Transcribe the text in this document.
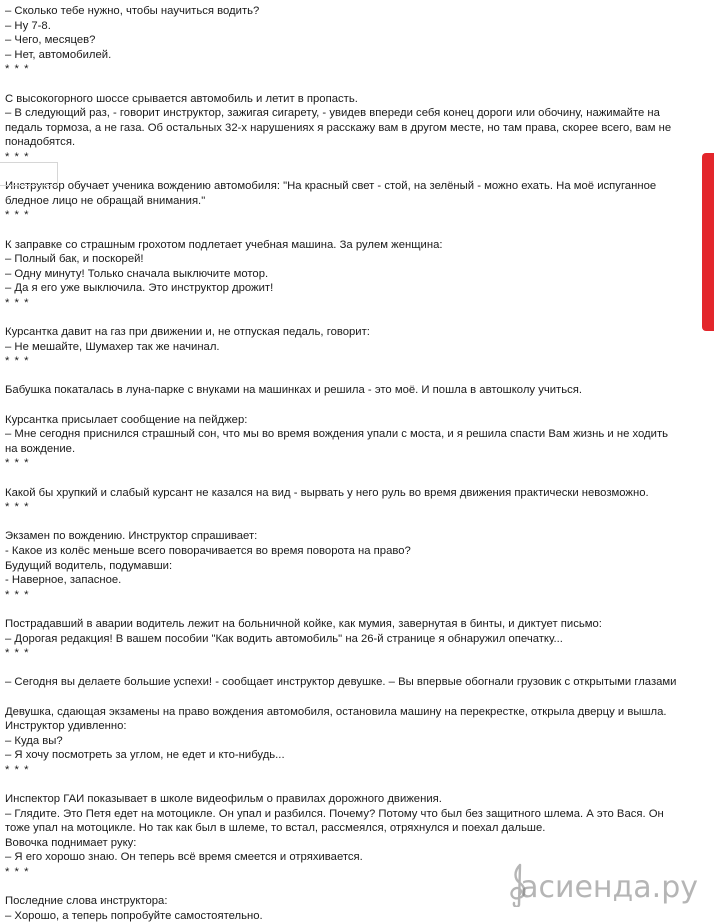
– Сколько тебе нужно, чтобы научиться водить?
– Ну 7-8.
– Чего, месяцев?
– Нет, автомобилей.
* * *
С высокогорного шоссе срывается автомобиль и летит в пропасть.
– В следующий раз, - говорит инструктор, зажигая сигарету, - увидев впереди себя конец дороги или обочину, нажимайте на
педаль тормоза, а не газа. Об остальных 32-х нарушениях я расскажу вам в другом месте, но там права, скорее всего, вам не
понадобятся.
* * *
Инструктор обучает ученика вождению автомобиля: "На красный свет - стой, на зелёный - можно ехать. На моё испуганное
бледное лицо не обращай внимания."
* * *
К заправке со страшным грохотом подлетает учебная машина. За рулем женщина:
– Полный бак, и поскорей!
– Одну минуту! Только сначала выключите мотор.
– Да я его уже выключила. Это инструктор дрожит!
* * *
Курсантка давит на газ при движении и, не отпуская педаль, говорит:
– Не мешайте, Шумахер так же начинал.
* * *
Бабушка покаталась в луна-парке с внуками на машинках и решила - это моё. И пошла в автошколу учиться.
Курсантка присылает сообщение на пейджер:
– Мне сегодня приснился страшный сон, что мы во время вождения упали с моста, и я решила спасти Вам жизнь и не ходить
на вождение.
* * *
Какой бы хрупкий и слабый курсант не казался на вид - вырвать у него руль во время движения практически невозможно.
* * *
Экзамен по вождению. Инструктор спрашивает:
- Какое из колёс меньше всего поворачивается во время поворота на право?
Будущий водитель, подумавши:
- Наверное, запасное.
* * *
Пострадавший в аварии водитель лежит на больничной койке, как мумия, завернутая в бинты, и диктует письмо:
– Дорогая редакция! В вашем пособии "Как водить автомобиль" на 26-й странице я обнаружил опечатку...
* * *
– Сегодня вы делаете большие успехи! - сообщает инструктор девушке. – Вы впервые обогнали грузовик с открытыми глазами
Девушка, сдающая экзамены на право вождения автомобиля, остановила машину на перекрестке, открыла дверцу и вышла.
Инструктор удивленно:
– Куда вы?
– Я хочу посмотреть за углом, не едет и кто-нибудь...
* * *
Инспектор ГАИ показывает в школе видеофильм о правилах дорожного движения.
– Глядите. Это Петя едет на мотоцикле. Он упал и разбился. Почему? Потому что был без защитного шлема. А это Вася. Он
тоже упал на мотоцикле. Но так как был в шлеме, то встал, рассмеялся, отряхнулся и поехал дальше.
Вовочка поднимает руку:
– Я его хорошо знаю. Он теперь всё время смеется и отряхивается.
* * *
Последние слова инструктора:
– Хорошо, а теперь попробуйте самостоятельно.
асиенда.ру
